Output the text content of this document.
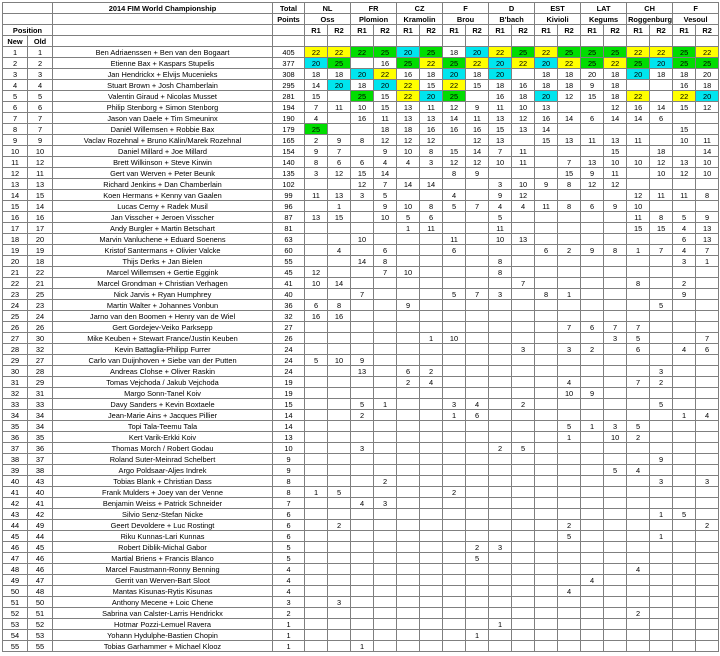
		2014 FIM World Championship	Total	NL		FR		CZ		F		D		EST		LAT		CH		F	
			Points	Oss		Plomion		Kramolin		Brou		B'bach		Kivioli		Kegums		Roggenburg		Vesoul	
Position				R1	R2	R1	R2	R1	R2	R1	R2	R1	R2	R1	R2	R1	R2	R1	R2	R1	R2
New	Old																				
1	1	Ben Adriaenssen + Ben van den Bogaart	405	22	22	22	25	20	25	18	20	22	25	22	25	25	25	22	22	25	22
2	2	Etienne Bax + Kaspars Stupelis	377	20	25		16	25	22	25	22	20	22	20	22	25	22	25	20	25	25
3	3	Jan Hendrickx + Elvijs Mucenieks	308	18	18	20	22	16	18	20	18	20		18	18	20	18	20	18	18	20
4	4	Stuart Brown + Josh Chamberlain	295	14	20	18	20	22	15	22	15	18	16	18	18	9	18			16	18
5	5	Valentin Giraud + Nicolas Musset	281	15		25	15	22	20	25		16	18	20	12	15	18	22		22	20
6	6	Philip Stenborg + Simon Stenborg	194	7	11	10	15	13	11	12	9	11	10	13			12	16	14	15	12
7	7	Jason van Daele + Tim Smeuninx	190	4		16	11	13	13	14	11	13	12	16	14	6	14	14	6		
8	7	Daniël Willemsen + Robbie Bax	179	25			18	18	16	16	16	15	13	14						15	
9	9	Vaclav Rozehnal + Bruno Kälin/Marek Rozehnal	165	2	9	8	12	12	12		12	13		15	13	11	13	11		10	11
10	10	Daniel Millard + Joe Millard	154	9	7		9	10	8	15	14	7	11				15		18		14
11	12	Brett Wilkinson + Steve Kirwin	140	8	6	6	4	4	3	12	12	10	11		7	13	10	10	12	13	10
12	11	Gert van Werven + Peter Beunk	135	3	12	15	14			8	9				15	9	11		10	12	10
13	13	Richard Jenkins + Dan Chamberlain	102			12	7	14	14			3	10	9	8	12	12				
14	15	Koen Hermans + Kenny van Gaalen	99	11	13	3	5			4		9	12					12	11	11	8
15	14	Lucas Cerny + Radek Musil	96		1		9	10	8	5	7	4	4	11	8	6	9	10			
16	16	Jan Visscher + Jeroen Visscher	87	13	15		10	5	6			5						11	8	5	9
17	17	Andy Burgler + Martin Betschart	81					1	11			11						15	15	4	13
18	20	Marvin Vanluchene + Eduard Soenens	63			10				11		10	13							6	13
19	19	Kristof Santermans + Olivier Valcke	60		4		6			6				6	2	9	8	1	7	4	7
20	18	Thijs Derks + Jan Bielen	55			14	8					8								3	1
21	22	Marcel Willemsen + Gertie Eggink	45	12			7	10				8									
22	21	Marcel Grondman + Christian Verhagen	41	10	14								7					8		2	
23	25	Nick Jarvis + Ryan Humphrey	40			7				5	7	3		8	1					9	
24	23	Martin Walter + Johannes Vonbun	36	6	8			9											5		
25	24	Jarno van den Boomen + Henry van de Wiel	32	16	16																
26	26	Gert Gordejev-Veiko Parksepp	27												7	6	7	7			
27	30	Mike Keuben + Stewart France/Justin Keuben	26						1	10							3	5			7
28	32	Kevin Battaglia-Philipp Furrer	24										3		3	2		6		4	6
29	27	Carlo van Duijnhoven + Siebe van der Putten	24	5	10	9															
30	28	Andreas Clohse + Oliver Raskin	24			13		6	2										3		
31	29	Tomas Vejchoda / Jakub Vejchoda	19					2	4						4			7	2		
32	31	Margo Sonn-Tanel Koiv	19												10	9					
33	33	Davy Sanders + Kevin Boxtaele	15			5	1			3	4		2						5		
34	34	Jean-Marie Ains + Jacques Pillier	14			2				1	6									1	4
35	34	Topi Tala-Teemu Tala	14												5	1	3	5			
36	35	Kert Varik-Erkki Koiv	13												1		10	2			
37	36	Thomas Morch / Robert Godau	10			3						2	5								
38	37	Roland Suter-Meinrad Schelbert	9																9		
39	38	Argo Poldsaar-Aljes Indrek	9														5	4			
40	43	Tobias Blank + Christian Dass	8				2												3		3
41	40	Frank Mulders + Joey van der Venne	8	1	5					2											
42	41	Benjamin Weiss + Patrick Schneider	7			4	3														
43	42	Silvio Senz-Stefan Nicke	6																1	5	
44	49	Geert Devoldere + Luc Rostingt	6		2										2						2
45	44	Riku Kunnas-Lari Kunnas	6												5				1		
46	45	Robert Diblik-Michal Gabor	5								2	3									
47	46	Martial Briens + Francis Blanco	5								5										
48	46	Marcel Faustmann-Ronny Benning	4															4			
49	47	Gerrit van Werven-Bart Sloot	4													4					
50	48	Mantas Kisunas-Rytis Kisunas	4												4						
51	50	Anthony Mecene + Loic Chene	3		3																
52	51	Sabrina van Calster-Larris Hendrickx	2															2			
53	52	Hotmar Pozzi-Lemuel Ravera	1									1									
54	53	Yohann Hydulphe-Bastien Chopin	1								1										
55	55	Tobias Garhammer + Michael Klooz	1			1															
